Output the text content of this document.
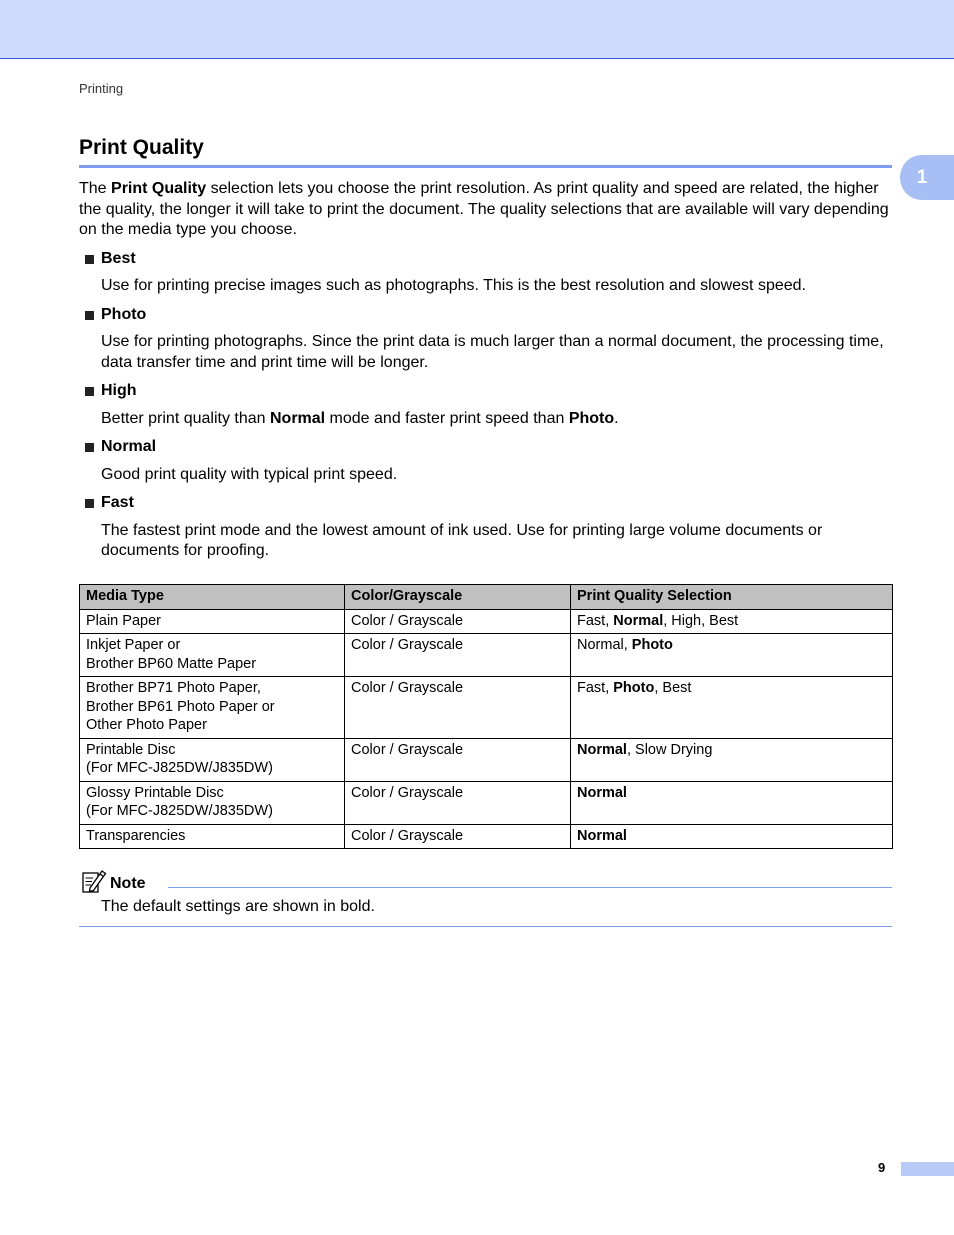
Printing
1
Print Quality

The Print Quality selection lets you choose the print resolution. As print quality and speed are related, the higher the quality, the longer it will take to print the document. The quality selections that are available will vary depending on the media type you choose.

Best
Use for printing precise images such as photographs. This is the best resolution and slowest speed.
Photo
Use for printing photographs. Since the print data is much larger than a normal document, the processing time, data transfer time and print time will be longer.
High
Better print quality than Normal mode and faster print speed than Photo.
Normal
Good print quality with typical print speed.
Fast
The fastest print mode and the lowest amount of ink used. Use for printing large volume documents or documents for proofing.
Media Type	Color/Grayscale	Print Quality Selection

Plain Paper	Color / Grayscale	Fast, Normal, High, Best

Inkjet Paper or
Brother BP60 Matte Paper	Color / Grayscale	Normal, Photo

Brother BP71 Photo Paper,
Brother BP61 Photo Paper or
Other Photo Paper	Color / Grayscale	Fast, Photo, Best

Printable Disc
(For MFC-J825DW/J835DW)	Color / Grayscale	Normal, Slow Drying

Glossy Printable Disc
(For MFC-J825DW/J835DW)	Color / Grayscale	Normal

Transparencies	Color / Grayscale	Normal
Note
The default settings are shown in bold.
9
